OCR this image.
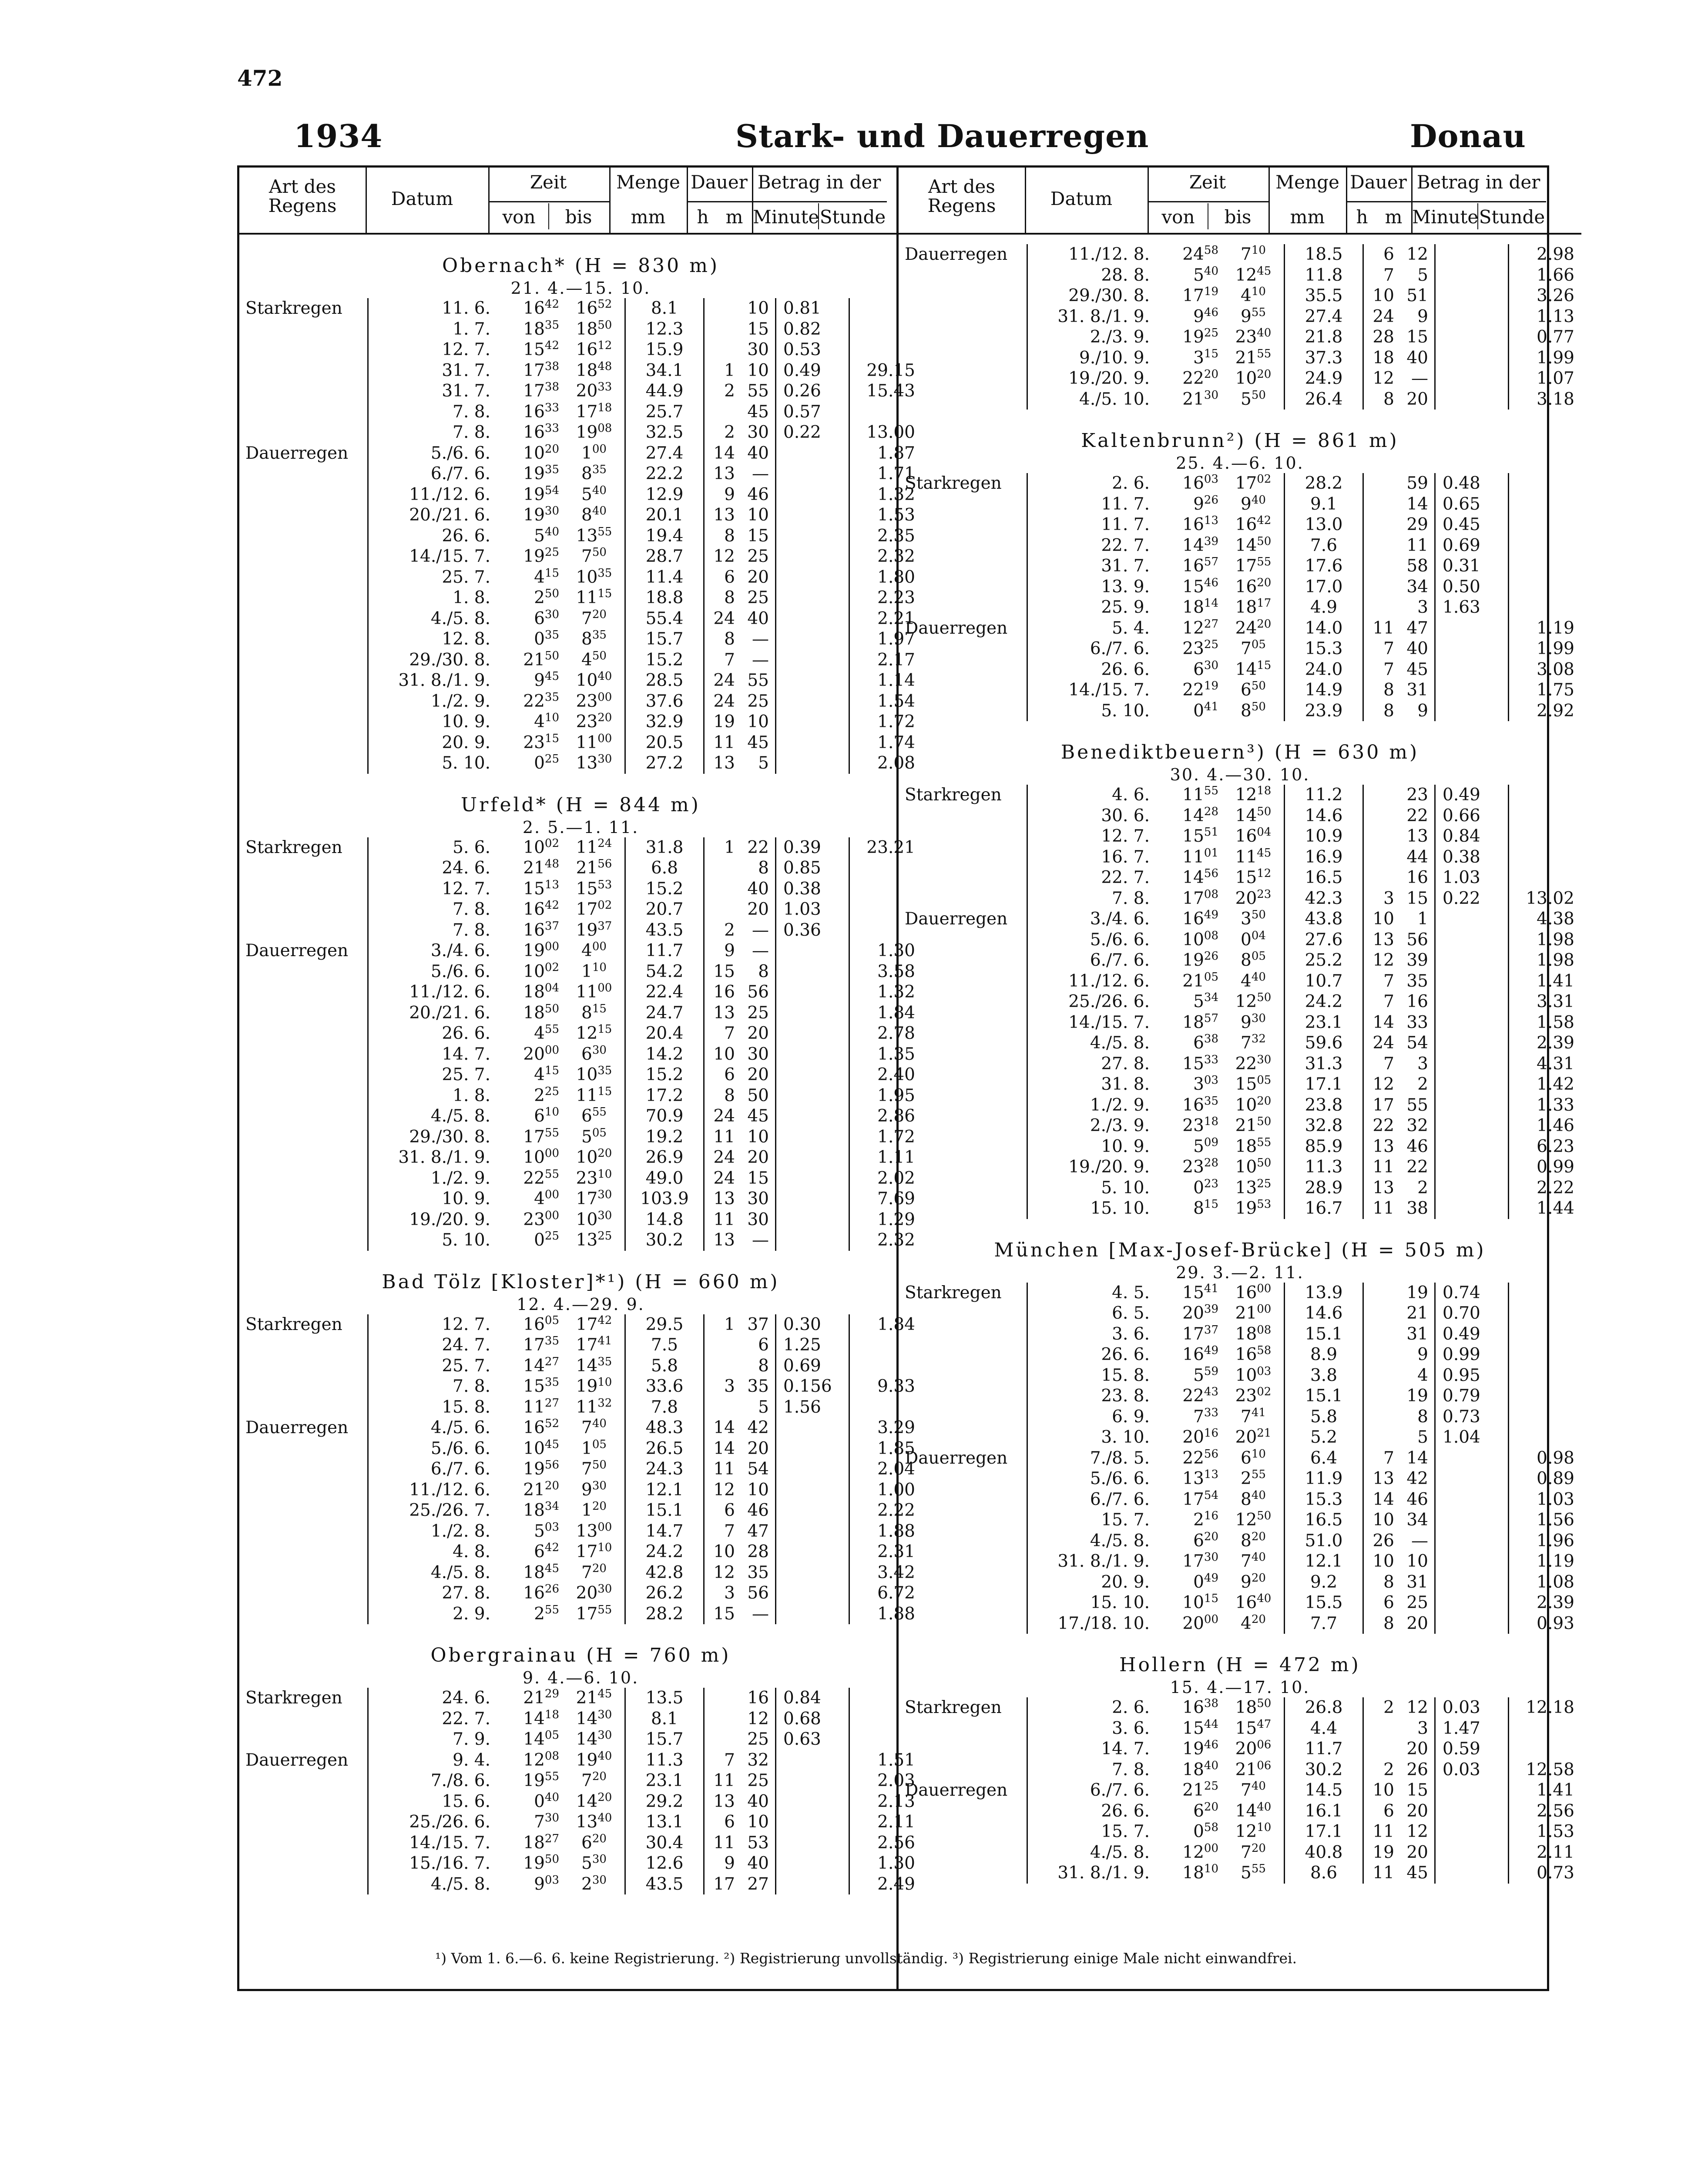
472
1934	Stark- und Dauerregen	Donau
Art des Regens	Datum
Zeit
von	bis
Menge
mm
Dauer
h m
Betrag in der
Minute Stunde
Obernach* (H = 830 m)
21. 4.—15. 10.
Starkregen	11. 6.	$16^{42}$	$16^{52}$	8.1		10	0.81	
	1. 7.	$18^{35}$	$18^{50}$	12.3		15	0.82	
	12. 7.	$15^{42}$	$16^{12}$	15.9		30	0.53	
	31. 7.	$17^{38}$	$18^{48}$	34.1	1	10	0.49	29.15
	31. 7.	$17^{38}$	$20^{33}$	44.9	2	55	0.26	15.43
	7. 8.	$16^{33}$	$17^{18}$	25.7		45	0.57	
	7. 8.	$16^{33}$	$19^{08}$	32.5	2	30	0.22	13.00
Dauerregen	5./6. 6.	$10^{20}$	$1^{00}$	27.4	14	40		1.87
	6./7. 6.	$19^{35}$	$8^{35}$	22.2	13	—		1.71
	11./12. 6.	$19^{54}$	$5^{40}$	12.9	9	46		1.32
	20./21. 6.	$19^{30}$	$8^{40}$	20.1	13	10		1.53
	26. 6.	$5^{40}$	$13^{55}$	19.4	8	15		2.35
	14./15. 7.	$19^{25}$	$7^{50}$	28.7	12	25		2.32
	25. 7.	$4^{15}$	$10^{35}$	11.4	6	20		1.80
	1. 8.	$2^{50}$	$11^{15}$	18.8	8	25		2.23
	4./5. 8.	$6^{30}$	$7^{20}$	55.4	24	40		2.21
	12. 8.	$0^{35}$	$8^{35}$	15.7	8	—		1.97
	29./30. 8.	$21^{50}$	$4^{50}$	15.2	7	—		2.17
	31. 8./1. 9.	$9^{45}$	$10^{40}$	28.5	24	55		1.14
	1./2. 9.	$22^{35}$	$23^{00}$	37.6	24	25		1.54
	10. 9.	$4^{10}$	$23^{20}$	32.9	19	10		1.72
	20. 9.	$23^{15}$	$11^{00}$	20.5	11	45		1.74
	5. 10.	$0^{25}$	$13^{30}$	27.2	13	5		2.08
Urfeld* (H = 844 m)
2. 5.—1. 11.
Starkregen	5. 6.	$10^{02}$	$11^{24}$	31.8	1	22	0.39	23.21
	24. 6.	$21^{48}$	$21^{56}$	6.8		8	0.85	
	12. 7.	$15^{13}$	$15^{53}$	15.2		40	0.38	
	7. 8.	$16^{42}$	$17^{02}$	20.7		20	1.03	
	7. 8.	$16^{37}$	$19^{37}$	43.5	2	—	0.36	
Dauerregen	3./4. 6.	$19^{00}$	$4^{00}$	11.7	9	—		1.30
	5./6. 6.	$10^{02}$	$1^{10}$	54.2	15	8		3.58
	11./12. 6.	$18^{04}$	$11^{00}$	22.4	16	56		1.32
	20./21. 6.	$18^{50}$	$8^{15}$	24.7	13	25		1.84
	26. 6.	$4^{55}$	$12^{15}$	20.4	7	20		2.78
	14. 7.	$20^{00}$	$6^{30}$	14.2	10	30		1.35
	25. 7.	$4^{15}$	$10^{35}$	15.2	6	20		2.40
	1. 8.	$2^{25}$	$11^{15}$	17.2	8	50		1.95
	4./5. 8.	$6^{10}$	$6^{55}$	70.9	24	45		2.86
	29./30. 8.	$17^{55}$	$5^{05}$	19.2	11	10		1.72
	31. 8./1. 9.	$10^{00}$	$10^{20}$	26.9	24	20		1.11
	1./2. 9.	$22^{55}$	$23^{10}$	49.0	24	15		2.02
	10. 9.	$4^{00}$	$17^{30}$	103.9	13	30		7.69
	19./20. 9.	$23^{00}$	$10^{30}$	14.8	11	30		1.29
	5. 10.	$0^{25}$	$13^{25}$	30.2	13	—		2.32
Bad Tölz [Kloster]*¹) (H = 660 m)
12. 4.—29. 9.
Starkregen	12. 7.	$16^{05}$	$17^{42}$	29.5	1	37	0.30	1.84
	24. 7.	$17^{35}$	$17^{41}$	7.5		6	1.25	
	25. 7.	$14^{27}$	$14^{35}$	5.8		8	0.69	
	7. 8.	$15^{35}$	$19^{10}$	33.6	3	35	0.156	9.33
	15. 8.	$11^{27}$	$11^{32}$	7.8		5	1.56	
Dauerregen	4./5. 6.	$16^{52}$	$7^{40}$	48.3	14	42		3.29
	5./6. 6.	$10^{45}$	$1^{05}$	26.5	14	20		1.85
	6./7. 6.	$19^{56}$	$7^{50}$	24.3	11	54		2.04
	11./12. 6.	$21^{20}$	$9^{30}$	12.1	12	10		1.00
	25./26. 7.	$18^{34}$	$1^{20}$	15.1	6	46		2.22
	1./2. 8.	$5^{03}$	$13^{00}$	14.7	7	47		1.88
	4. 8.	$6^{42}$	$17^{10}$	24.2	10	28		2.31
	4./5. 8.	$18^{45}$	$7^{20}$	42.8	12	35		3.42
	27. 8.	$16^{26}$	$20^{30}$	26.2	3	56		6.72
	2. 9.	$2^{55}$	$17^{55}$	28.2	15	—		1.88
Obergrainau (H = 760 m)
9. 4.—6. 10.
Starkregen	24. 6.	$21^{29}$	$21^{45}$	13.5		16	0.84	
	22. 7.	$14^{18}$	$14^{30}$	8.1		12	0.68	
	7. 9.	$14^{05}$	$14^{30}$	15.7		25	0.63	
Dauerregen	9. 4.	$12^{08}$	$19^{40}$	11.3	7	32		1.51
	7./8. 6.	$19^{55}$	$7^{20}$	23.1	11	25		2.03
	15. 6.	$0^{40}$	$14^{20}$	29.2	13	40		2.13
	25./26. 6.	$7^{30}$	$13^{40}$	13.1	6	10		2.11
	14./15. 7.	$18^{27}$	$6^{20}$	30.4	11	53		2.56
	15./16. 7.	$19^{50}$	$5^{30}$	12.6	9	40		1.30
	4./5. 8.	$9^{03}$	$2^{30}$	43.5	17	27		2.49
Art des Regens	Datum
Zeit
von	bis
Menge
mm
Dauer
h m
Betrag in der
Minute Stunde
Dauerregen	11./12. 8.	$24^{58}$	$7^{10}$	18.5	6	12		2.98
	28. 8.	$5^{40}$	$12^{45}$	11.8	7	5		1.66
	29./30. 8.	$17^{19}$	$4^{10}$	35.5	10	51		3.26
	31. 8./1. 9.	$9^{46}$	$9^{55}$	27.4	24	9		1.13
	2./3. 9.	$19^{25}$	$23^{40}$	21.8	28	15		0.77
	9./10. 9.	$3^{15}$	$21^{55}$	37.3	18	40		1.99
	19./20. 9.	$22^{20}$	$10^{20}$	24.9	12	—		1.07
	4./5. 10.	$21^{30}$	$5^{50}$	26.4	8	20		3.18
Kaltenbrunn²) (H = 861 m)
25. 4.—6. 10.
Starkregen	2. 6.	$16^{03}$	$17^{02}$	28.2		59	0.48	
	11. 7.	$9^{26}$	$9^{40}$	9.1		14	0.65	
	11. 7.	$16^{13}$	$16^{42}$	13.0		29	0.45	
	22. 7.	$14^{39}$	$14^{50}$	7.6		11	0.69	
	31. 7.	$16^{57}$	$17^{55}$	17.6		58	0.31	
	13. 9.	$15^{46}$	$16^{20}$	17.0		34	0.50	
	25. 9.	$18^{14}$	$18^{17}$	4.9		3	1.63	
Dauerregen	5. 4.	$12^{27}$	$24^{20}$	14.0	11	47		1.19
	6./7. 6.	$23^{25}$	$7^{05}$	15.3	7	40		1.99
	26. 6.	$6^{30}$	$14^{15}$	24.0	7	45		3.08
	14./15. 7.	$22^{19}$	$6^{50}$	14.9	8	31		1.75
	5. 10.	$0^{41}$	$8^{50}$	23.9	8	9		2.92
Benediktbeuern³) (H = 630 m)
30. 4.—30. 10.
Starkregen	4. 6.	$11^{55}$	$12^{18}$	11.2		23	0.49	
	30. 6.	$14^{28}$	$14^{50}$	14.6		22	0.66	
	12. 7.	$15^{51}$	$16^{04}$	10.9		13	0.84	
	16. 7.	$11^{01}$	$11^{45}$	16.9		44	0.38	
	22. 7.	$14^{56}$	$15^{12}$	16.5		16	1.03	
	7. 8.	$17^{08}$	$20^{23}$	42.3	3	15	0.22	13.02
Dauerregen	3./4. 6.	$16^{49}$	$3^{50}$	43.8	10	1		4.38
	5./6. 6.	$10^{08}$	$0^{04}$	27.6	13	56		1.98
	6./7. 6.	$19^{26}$	$8^{05}$	25.2	12	39		1.98
	11./12. 6.	$21^{05}$	$4^{40}$	10.7	7	35		1.41
	25./26. 6.	$5^{34}$	$12^{50}$	24.2	7	16		3.31
	14./15. 7.	$18^{57}$	$9^{30}$	23.1	14	33		1.58
	4./5. 8.	$6^{38}$	$7^{32}$	59.6	24	54		2.39
	27. 8.	$15^{33}$	$22^{30}$	31.3	7	3		4.31
	31. 8.	$3^{03}$	$15^{05}$	17.1	12	2		1.42
	1./2. 9.	$16^{35}$	$10^{20}$	23.8	17	55		1.33
	2./3. 9.	$23^{18}$	$21^{50}$	32.8	22	32		1.46
	10. 9.	$5^{09}$	$18^{55}$	85.9	13	46		6.23
	19./20. 9.	$23^{28}$	$10^{50}$	11.3	11	22		0.99
	5. 10.	$0^{23}$	$13^{25}$	28.9	13	2		2.22
	15. 10.	$8^{15}$	$19^{53}$	16.7	11	38		1.44
München [Max-Josef-Brücke] (H = 505 m)
29. 3.—2. 11.
Starkregen	4. 5.	$15^{41}$	$16^{00}$	13.9		19	0.74	
	6. 5.	$20^{39}$	$21^{00}$	14.6		21	0.70	
	3. 6.	$17^{37}$	$18^{08}$	15.1		31	0.49	
	26. 6.	$16^{49}$	$16^{58}$	8.9		9	0.99	
	15. 8.	$5^{59}$	$10^{03}$	3.8		4	0.95	
	23. 8.	$22^{43}$	$23^{02}$	15.1		19	0.79	
	6. 9.	$7^{33}$	$7^{41}$	5.8		8	0.73	
	3. 10.	$20^{16}$	$20^{21}$	5.2		5	1.04	
Dauerregen	7./8. 5.	$22^{56}$	$6^{10}$	6.4	7	14		0.98
	5./6. 6.	$13^{13}$	$2^{55}$	11.9	13	42		0.89
	6./7. 6.	$17^{54}$	$8^{40}$	15.3	14	46		1.03
	15. 7.	$2^{16}$	$12^{50}$	16.5	10	34		1.56
	4./5. 8.	$6^{20}$	$8^{20}$	51.0	26	—		1.96
	31. 8./1. 9.	$17^{30}$	$7^{40}$	12.1	10	10		1.19
	20. 9.	$0^{49}$	$9^{20}$	9.2	8	31		1.08
	15. 10.	$10^{15}$	$16^{40}$	15.5	6	25		2.39
	17./18. 10.	$20^{00}$	$4^{20}$	7.7	8	20		0.93
Hollern (H = 472 m)
15. 4.—17. 10.
Starkregen	2. 6.	$16^{38}$	$18^{50}$	26.8	2	12	0.03	12.18
	3. 6.	$15^{44}$	$15^{47}$	4.4		3	1.47	
	14. 7.	$19^{46}$	$20^{06}$	11.7		20	0.59	
	7. 8.	$18^{40}$	$21^{06}$	30.2	2	26	0.03	12.58
Dauerregen	6./7. 6.	$21^{25}$	$7^{40}$	14.5	10	15		1.41
	26. 6.	$6^{20}$	$14^{40}$	16.1	6	20		2.56
	15. 7.	$0^{58}$	$12^{10}$	17.1	11	12		1.53
	4./5. 8.	$12^{00}$	$7^{20}$	40.8	19	20		2.11
	31. 8./1. 9.	$18^{10}$	$5^{55}$	8.6	11	45		0.73
¹) Vom 1. 6.—6. 6. keine Registrierung. ²) Registrierung unvollständig. ³) Registrierung einige Male nicht einwandfrei.
